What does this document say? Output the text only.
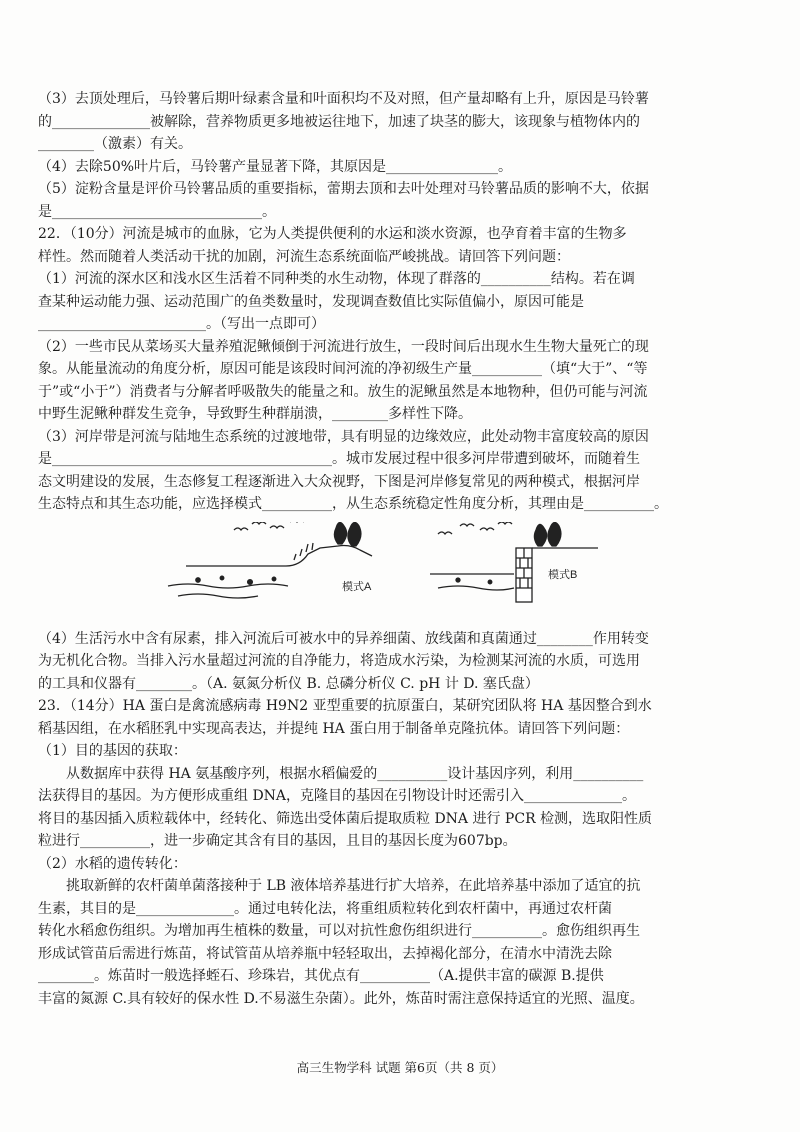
（3）去顶处理后，马铃薯后期叶绿素含量和叶面积均不及对照，但产量却略有上升，原因是马铃薯

的______________被解除，营养物质更多地被运往地下，加速了块茎的膨大，该现象与植物体内的

________（激素）有关。

（4）去除50%叶片后，马铃薯产量显著下降，其原因是________________。

（5）淀粉含量是评价马铃薯品质的重要指标，蕾期去顶和去叶处理对马铃薯品质的影响不大，依据

是______________________________。

22．（10分）河流是城市的血脉，它为人类提供便利的水运和淡水资源，也孕育着丰富的生物多

样性。然而随着人类活动干扰的加剧，河流生态系统面临严峻挑战。请回答下列问题：

（1）河流的深水区和浅水区生活着不同种类的水生动物，体现了群落的__________结构。若在调

查某种运动能力强、运动范围广的鱼类数量时，发现调查数值比实际值偏小，原因可能是

________________________。（写出一点即可）

（2）一些市民从菜场买大量养殖泥鳅倾倒于河流进行放生，一段时间后出现水生生物大量死亡的现

象。从能量流动的角度分析，原因可能是该段时间河流的净初级生产量__________（填“大于”、“等

于”或“小于”）消费者与分解者呼吸散失的能量之和。放生的泥鳅虽然是本地物种，但仍可能与河流

中野生泥鳅种群发生竞争，导致野生种群崩溃，________多样性下降。

（3）河岸带是河流与陆地生态系统的过渡地带，具有明显的边缘效应，此处动物丰富度较高的原因

是________________________________________。城市发展过程中很多河岸带遭到破坏，而随着生

态文明建设的发展，生态修复工程逐渐进入大众视野，下图是河岸修复常见的两种模式，根据河岸

生态特点和其生态功能，应选择模式__________，从生态系统稳定性角度分析，其理由是__________。

模式A
模式B

（4）生活污水中含有尿素，排入河流后可被水中的异养细菌、放线菌和真菌通过________作用转变

为无机化合物。当排入污水量超过河流的自净能力，将造成水污染，为检测某河流的水质，可选用

的工具和仪器有________。（A. 氨氮分析仪 B. 总磷分析仪 C. pH 计 D. 塞氏盘）

23．（14分）HA 蛋白是禽流感病毒 H9N2 亚型重要的抗原蛋白，某研究团队将 HA 基因整合到水

稻基因组，在水稻胚乳中实现高表达，并提纯 HA 蛋白用于制备单克隆抗体。请回答下列问题：

（1）目的基因的获取：

从数据库中获得 HA 氨基酸序列，根据水稻偏爱的__________设计基因序列，利用__________

法获得目的基因。为方便形成重组 DNA，克隆目的基因在引物设计时还需引入______________。

将目的基因插入质粒载体中，经转化、筛选出受体菌后提取质粒 DNA 进行 PCR 检测，选取阳性质

粒进行__________，进一步确定其含有目的基因，且目的基因长度为607bp。

（2）水稻的遗传转化：

挑取新鲜的农杆菌单菌落接种于 LB 液体培养基进行扩大培养，在此培养基中添加了适宜的抗

生素，其目的是______________。通过电转化法，将重组质粒转化到农杆菌中，再通过农杆菌

转化水稻愈伤组织。为增加再生植株的数量，可以对抗性愈伤组织进行__________。愈伤组织再生

形成试管苗后需进行炼苗，将试管苗从培养瓶中轻轻取出，去掉褐化部分，在清水中清洗去除

________。炼苗时一般选择蛭石、珍珠岩，其优点有__________（A.提供丰富的碳源 B.提供

丰富的氮源 C.具有较好的保水性 D.不易滋生杂菌）。此外，炼苗时需注意保持适宜的光照、温度。

高三生物学科 试题 第6页（共 8 页）
